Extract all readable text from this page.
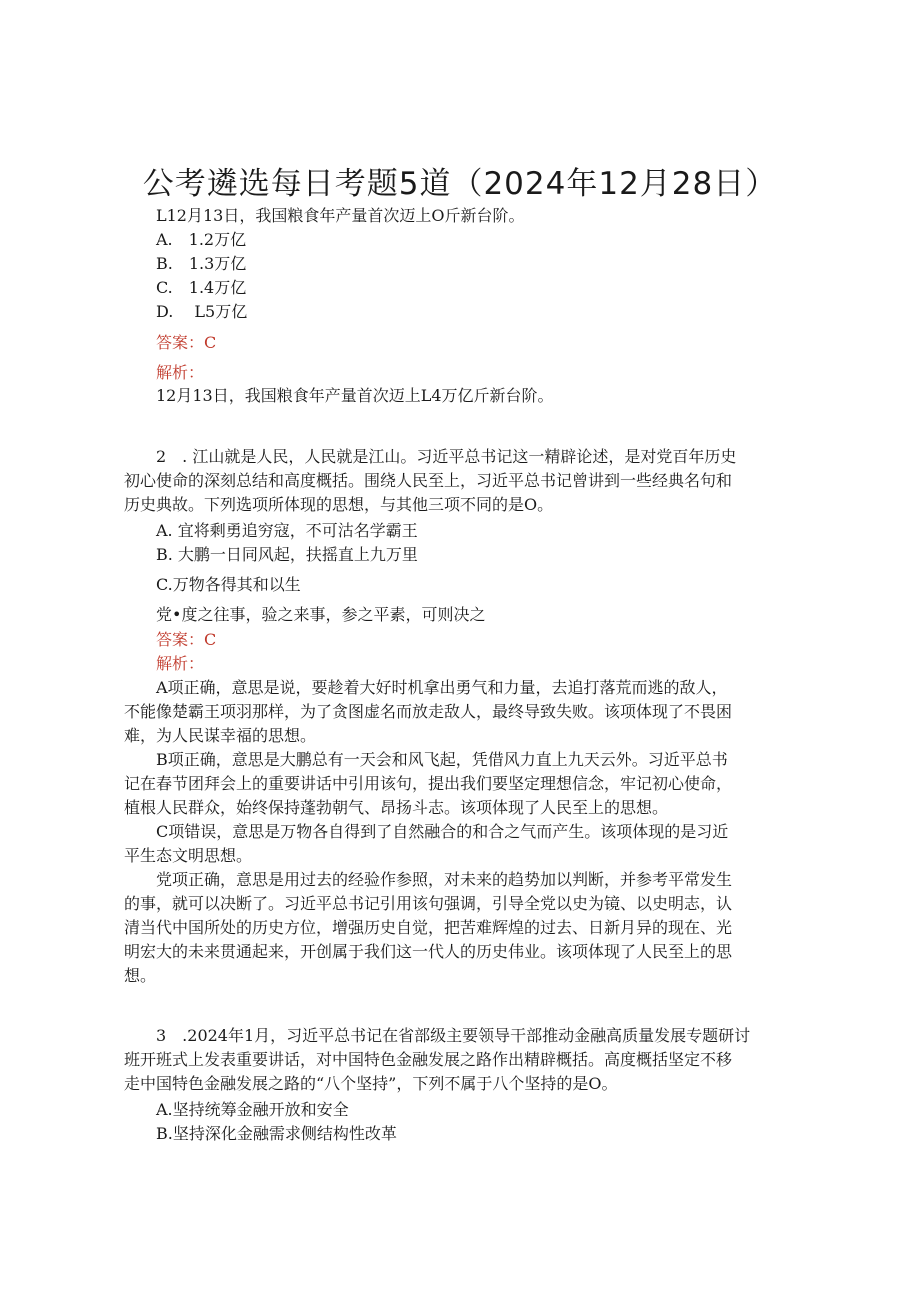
公考遴选每日考题5道（2024年12月28日）
L12月13日，我国粮食年产量首次迈上O斤新台阶。
A.　1.2万亿
B.　1.3万亿
C.　1.4万亿
D.　 L5万亿
答案：C
解析：
12月13日，我国粮食年产量首次迈上L4万亿斤新台阶。
2　. 江山就是人民，人民就是江山。习近平总书记这一精辟论述，是对党百年历史
初心使命的深刻总结和高度概括。围绕人民至上，习近平总书记曾讲到一些经典名句和
历史典故。下列选项所体现的思想，与其他三项不同的是O。
A. 宜将剩勇追穷寇，不可沽名学霸王
B. 大鹏一日同风起，扶摇直上九万里
C.万物各得其和以生
党•度之往事，验之来事，参之平素，可则决之
答案：C
解析：
A项正确，意思是说，要趁着大好时机拿出勇气和力量，去追打落荒而逃的敌人，
不能像楚霸王项羽那样，为了贪图虚名而放走敌人，最终导致失败。该项体现了不畏困
难，为人民谋幸福的思想。
B项正确，意思是大鹏总有一天会和风飞起，凭借风力直上九天云外。习近平总书
记在春节团拜会上的重要讲话中引用该句，提出我们要坚定理想信念，牢记初心使命，
植根人民群众，始终保持蓬勃朝气、昂扬斗志。该项体现了人民至上的思想。
C项错误，意思是万物各自得到了自然融合的和合之气而产生。该项体现的是习近
平生态文明思想。
党项正确，意思是用过去的经验作参照，对未来的趋势加以判断，并参考平常发生
的事，就可以决断了。习近平总书记引用该句强调，引导全党以史为镜、以史明志，认
清当代中国所处的历史方位，增强历史自觉，把苦难辉煌的过去、日新月异的现在、光
明宏大的未来贯通起来，开创属于我们这一代人的历史伟业。该项体现了人民至上的思
想。
3　.2024年1月，习近平总书记在省部级主要领导干部推动金融高质量发展专题研讨
班开班式上发表重要讲话，对中国特色金融发展之路作出精辟概括。高度概括坚定不移
走中国特色金融发展之路的“八个坚持”，下列不属于八个坚持的是O。
A.坚持统筹金融开放和安全
B.坚持深化金融需求侧结构性改革
